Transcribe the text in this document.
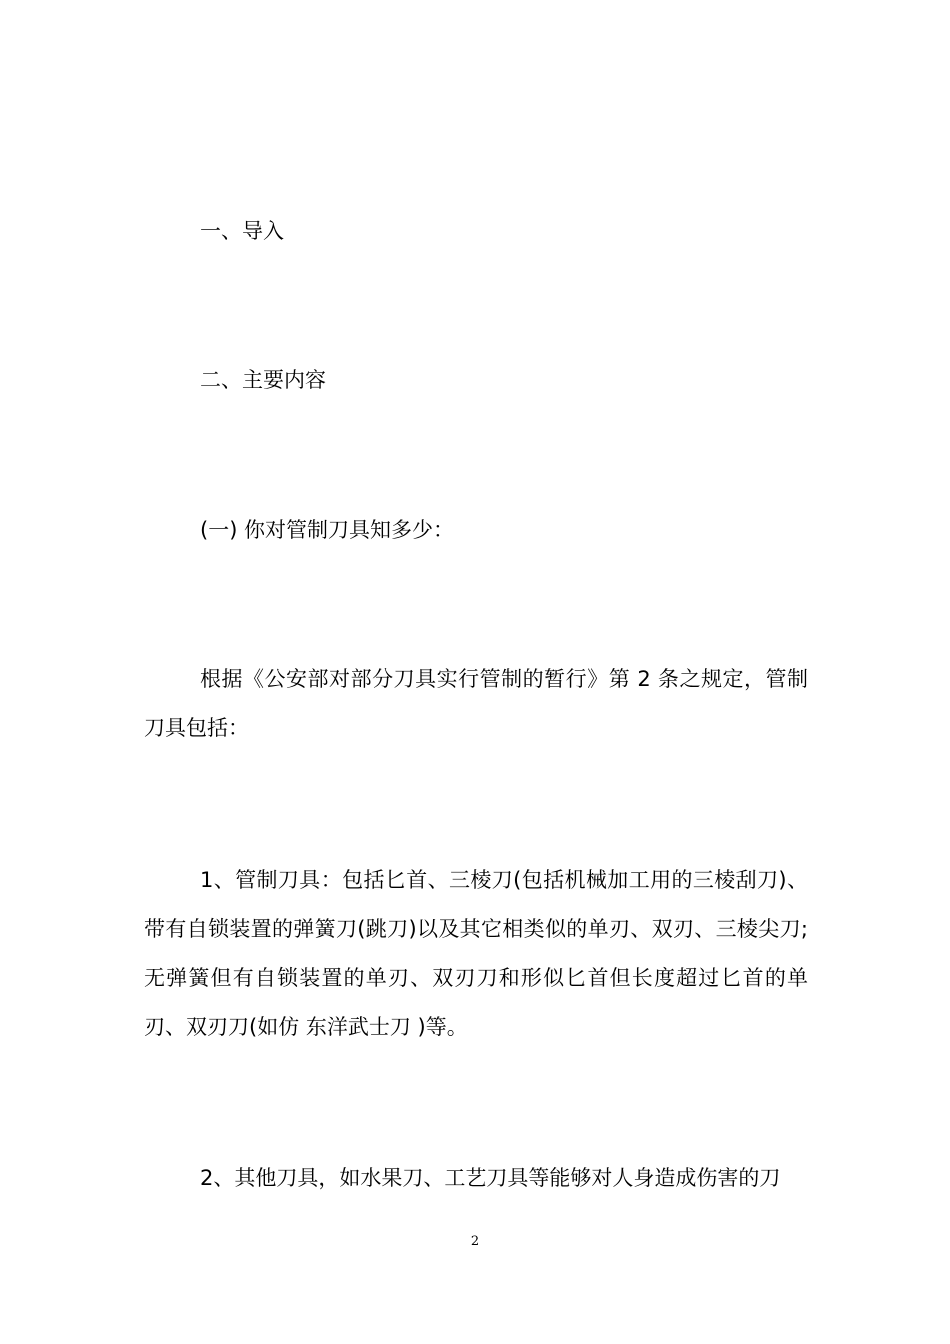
一、导入

二、主要内容

(一) 你对管制刀具知多少：

根据《公安部对部分刀具实行管制的暂行》第 2 条之规定，管制刀具包括：

1、管制刀具：包括匕首、三棱刀(包括机械加工用的三棱刮刀)、带有自锁装置的弹簧刀(跳刀)以及其它相类似的单刃、双刃、三棱尖刀;无弹簧但有自锁装置的单刃、双刃刀和形似匕首但长度超过匕首的单刃、双刃刀(如仿 东洋武士刀 )等。

2、其他刀具，如水果刀、工艺刀具等能够对人身造成伤害的刀

2
